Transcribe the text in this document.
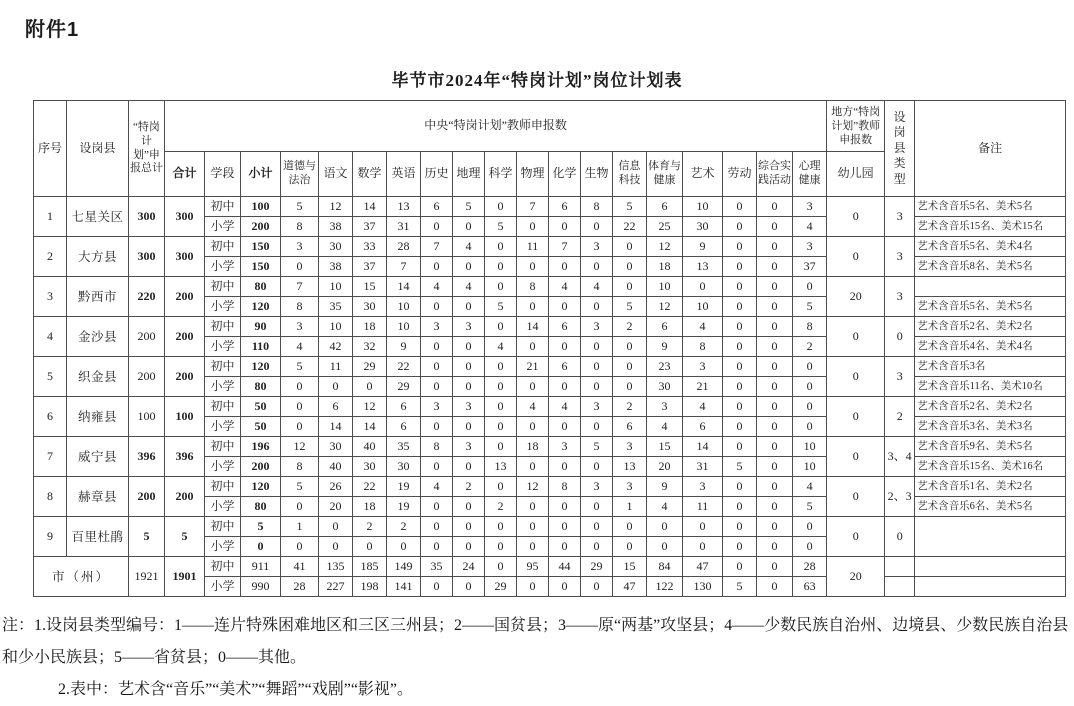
附件1
毕节市2024年“特岗计划”岗位计划表
序号	设岗县	“特岗计划”申报总计	中央“特岗计划”教师申报数																			地方“特岗计划”教师申报数	设岗县类型	备注
			合计	学段	小计	道德与法治	语文	数学	英语	历史	地理	科学	物理	化学	生物	信息科技	体育与健康	艺术	劳动	综合实践活动	心理健康	幼儿园		
1	七星关区	300	300	初中	100	5	12	14	13	6	5	0	7	6	8	5	6	10	0	0	3	0	3	艺术含音乐5名、美术5名
				小学	200	8	38	37	31	0	0	5	0	0	0	22	25	30	0	0	4			艺术含音乐15名、美术15名
2	大方县	300	300	初中	150	3	30	33	28	7	4	0	11	7	3	0	12	9	0	0	3	0	3	艺术含音乐5名、美术4名
				小学	150	0	38	37	7	0	0	0	0	0	0	0	18	13	0	0	37			艺术含音乐8名、美术5名
3	黔西市	220	200	初中	80	7	10	15	14	4	4	0	8	4	4	0	10	0	0	0	0	20	3	
				小学	120	8	35	30	10	0	0	5	0	0	0	5	12	10	0	0	5			艺术含音乐5名、美术5名
4	金沙县	200	200	初中	90	3	10	18	10	3	3	0	14	6	3	2	6	4	0	0	8	0	0	艺术含音乐2名、美术2名
				小学	110	4	42	32	9	0	0	4	0	0	0	0	9	8	0	0	2			艺术含音乐4名、美术4名
5	织金县	200	200	初中	120	5	11	29	22	0	0	0	21	6	0	0	23	3	0	0	0	0	3	艺术含音乐3名
				小学	80	0	0	0	29	0	0	0	0	0	0	0	30	21	0	0	0			艺术含音乐11名、美术10名
6	纳雍县	100	100	初中	50	0	6	12	6	3	3	0	4	4	3	2	3	4	0	0	0	0	2	艺术含音乐2名、美术2名
				小学	50	0	14	14	6	0	0	0	0	0	0	6	4	6	0	0	0			艺术含音乐3名、美术3名
7	威宁县	396	396	初中	196	12	30	40	35	8	3	0	18	3	5	3	15	14	0	0	10	0	3、4	艺术含音乐9名、美术5名
				小学	200	8	40	30	30	0	0	13	0	0	0	13	20	31	5	0	10			艺术含音乐15名、美术16名
8	赫章县	200	200	初中	120	5	26	22	19	4	2	0	12	8	3	3	9	3	0	0	4	0	2、3	艺术含音乐1名、美术2名
				小学	80	0	20	18	19	0	0	2	0	0	0	1	4	11	0	0	5			艺术含音乐6名、美术5名
9	百里杜鹃	5	5	初中	5	1	0	2	2	0	0	0	0	0	0	0	0	0	0	0	0	0	0	
				小学	0	0	0	0	0	0	0	0	0	0	0	0	0	0	0	0	0			
市（州）		1921	1901	初中	911	41	135	185	149	35	24	0	95	44	29	15	84	47	0	0	28	20		
				小学	990	28	227	198	141	0	0	29	0	0	0	47	122	130	5	0	63			

注：1.设岗县类型编号：1——连片特殊困难地区和三区三州县；2——国贫县；3——原“两基”攻坚县；4——少数民族自治州、边境县、少数民族自治县和少小民族县；5——省贫县；0——其他。

2.表中：艺术含“音乐”“美术”“舞蹈”“戏剧”“影视”。
